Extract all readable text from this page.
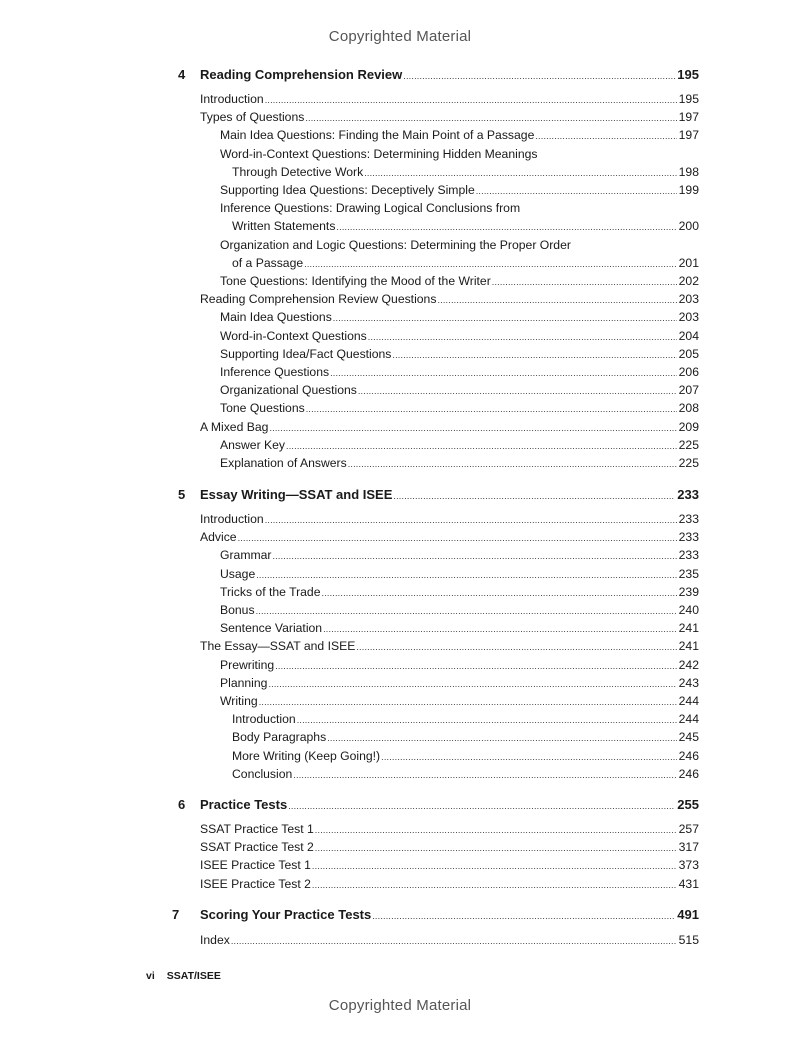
Copyrighted Material
4 Reading Comprehension Review .....	195
Introduction .....	195
Types of Questions .....	197
Main Idea Questions: Finding the Main Point of a Passage .....	197
Word-in-Context Questions: Determining Hidden Meanings
Through Detective Work .....	198
Supporting Idea Questions: Deceptively Simple .....	199
Inference Questions: Drawing Logical Conclusions from
Written Statements .....	200
Organization and Logic Questions: Determining the Proper Order
of a Passage .....	201
Tone Questions: Identifying the Mood of the Writer .....	202
Reading Comprehension Review Questions .....	203
Main Idea Questions .....	203
Word-in-Context Questions .....	204
Supporting Idea/Fact Questions .....	205
Inference Questions .....	206
Organizational Questions .....	207
Tone Questions .....	208
A Mixed Bag .....	209
Answer Key .....	225
Explanation of Answers .....	225
5 Essay Writing—SSAT and ISEE .....	233
Introduction .....	233
Advice .....	233
Grammar .....	233
Usage .....	235
Tricks of the Trade .....	239
Bonus .....	240
Sentence Variation .....	241
The Essay—SSAT and ISEE .....	241
Prewriting .....	242
Planning .....	243
Writing .....	244
Introduction .....	244
Body Paragraphs .....	245
More Writing (Keep Going!) .....	246
Conclusion .....	246
6 Practice Tests .....	255
SSAT Practice Test 1 .....	257
SSAT Practice Test 2 .....	317
ISEE Practice Test 1 .....	373
ISEE Practice Test 2 .....	431
7 Scoring Your Practice Tests .....	491
Index .....	515
vi SSAT/ISEE
Copyrighted Material
